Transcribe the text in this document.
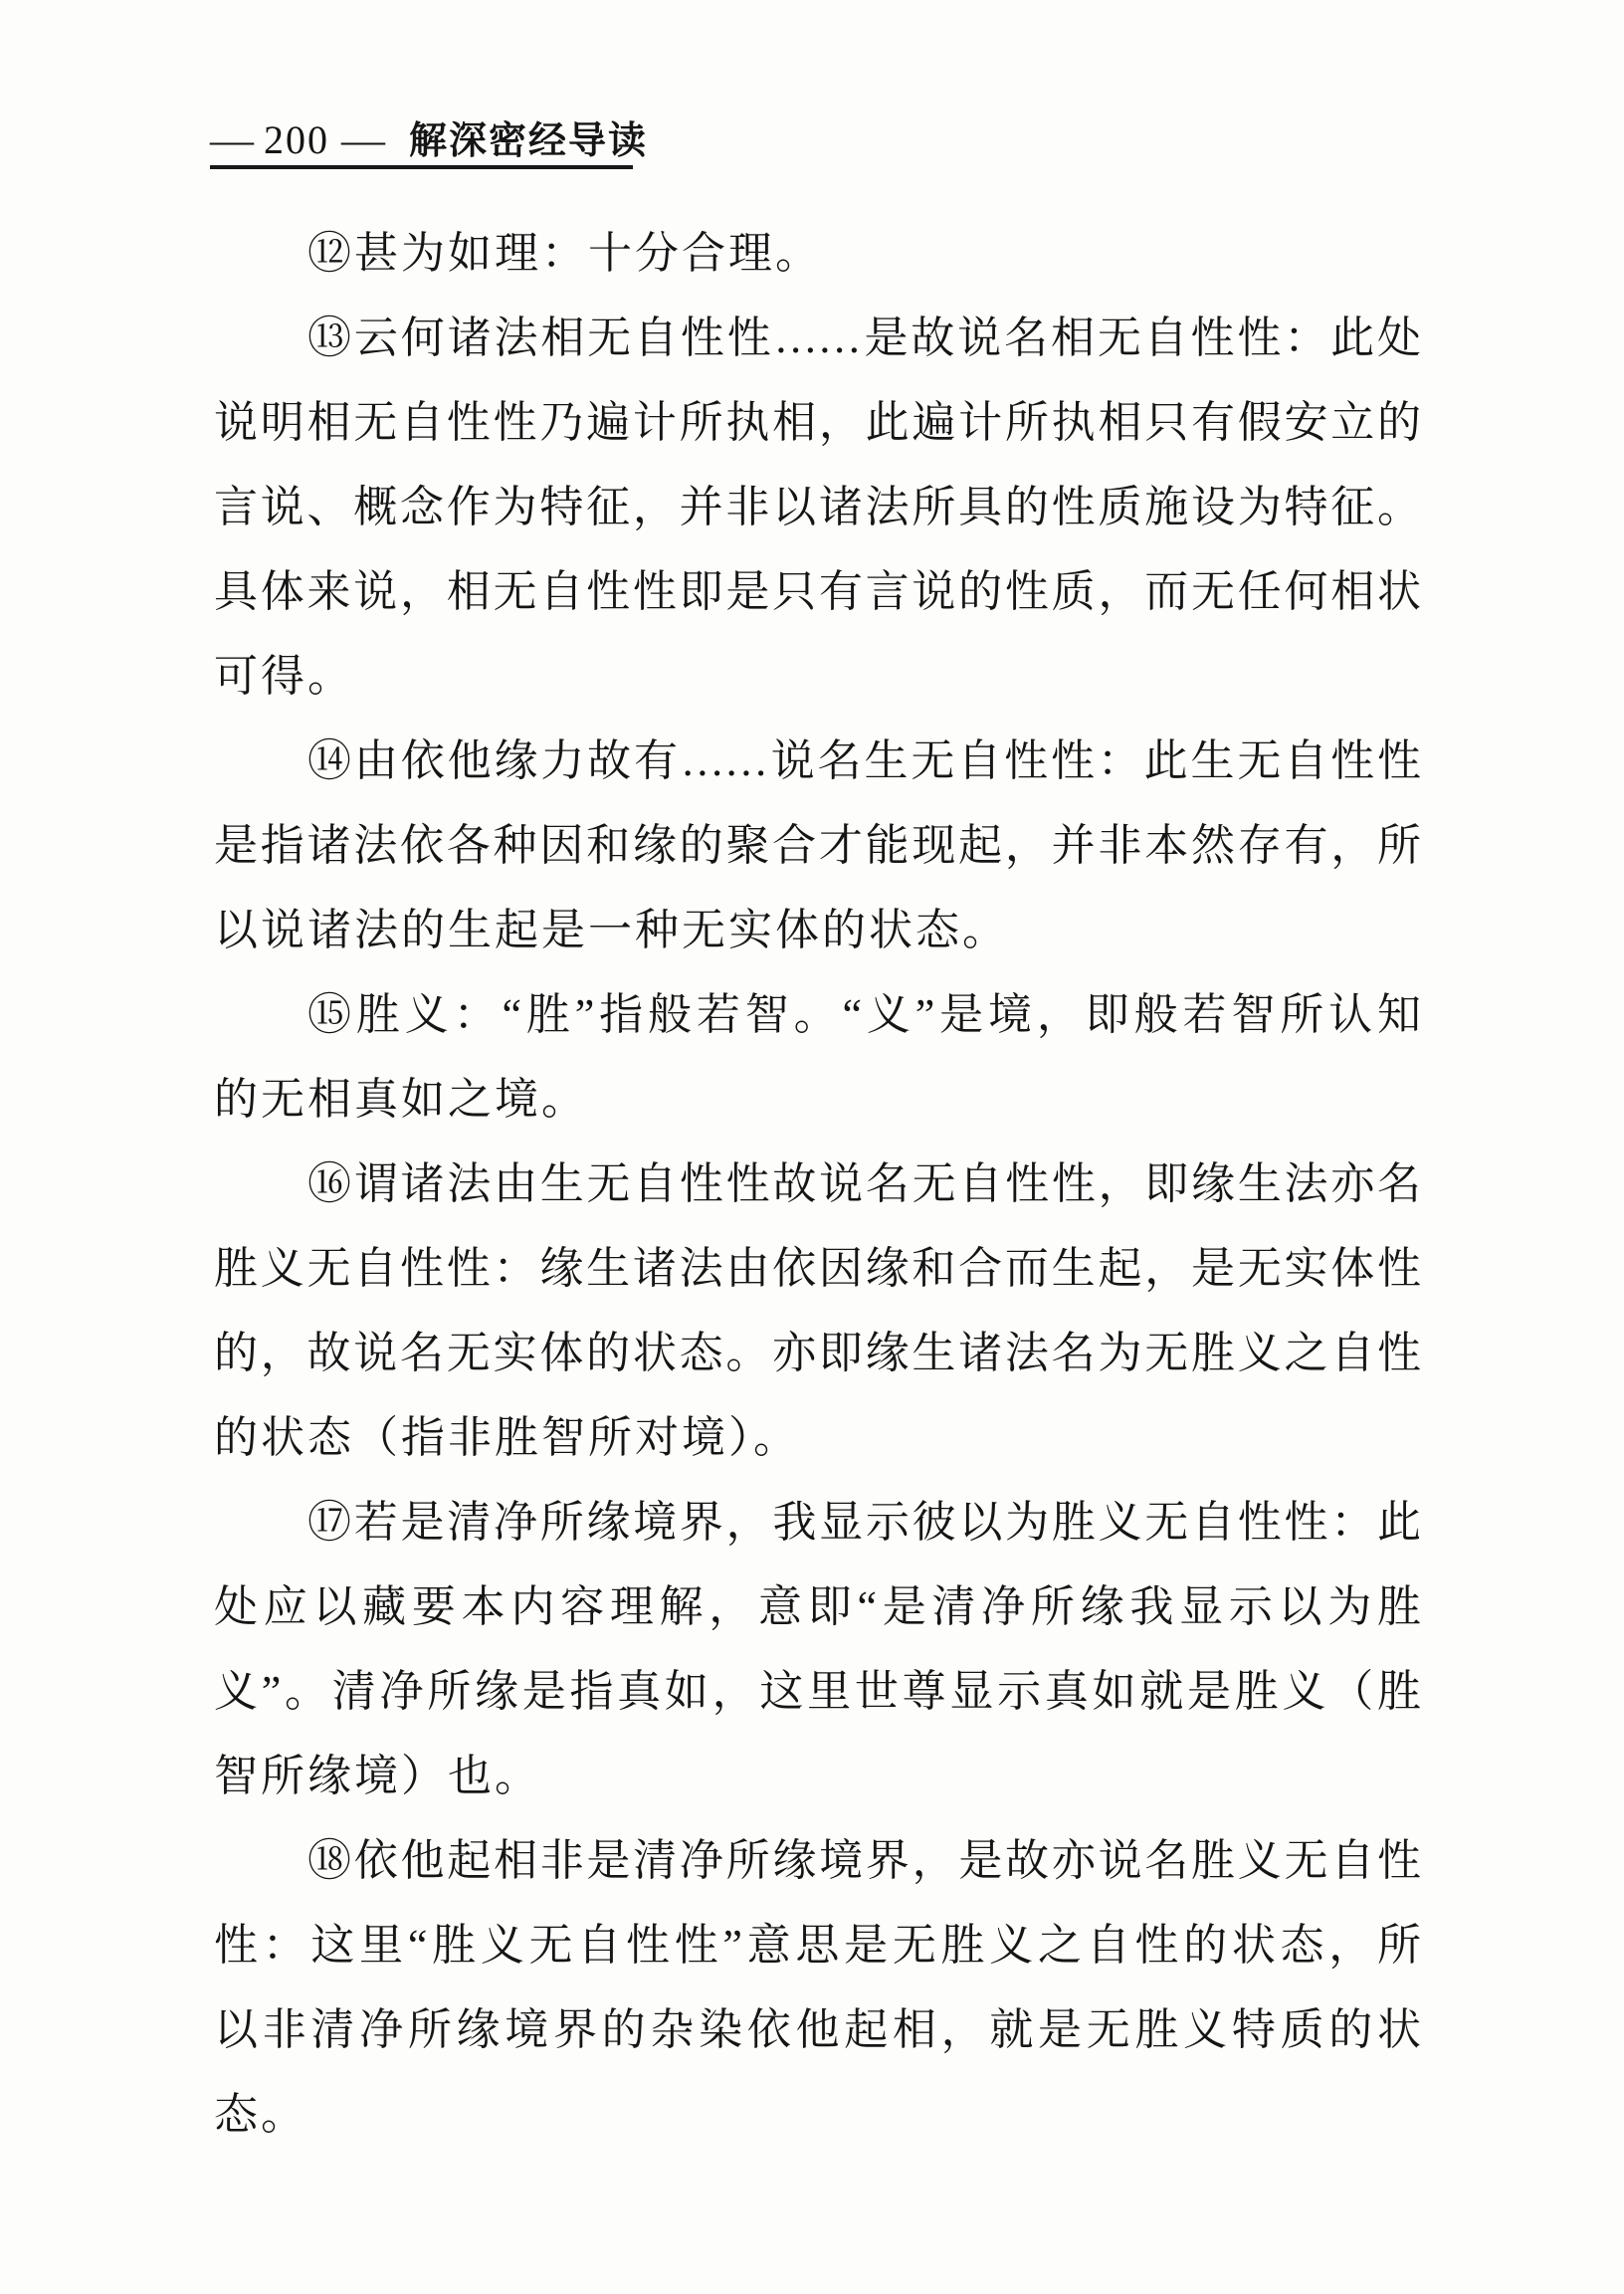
— 200 — 解深密经导读
⑫甚为如理：十分合理。
⑬云何诸法相无自性性……是故说名相无自性性：此处
说明相无自性性乃遍计所执相，此遍计所执相只有假安立的
言说、概念作为特征，并非以诸法所具的性质施设为特征。
具体来说，相无自性性即是只有言说的性质，而无任何相状
可得。
⑭由依他缘力故有……说名生无自性性：此生无自性性
是指诸法依各种因和缘的聚合才能现起，并非本然存有，所
以说诸法的生起是一种无实体的状态。
⑮胜义：“胜”指般若智。“义”是境，即般若智所认知
的无相真如之境。
⑯谓诸法由生无自性性故说名无自性性，即缘生法亦名
胜义无自性性：缘生诸法由依因缘和合而生起，是无实体性
的，故说名无实体的状态。亦即缘生诸法名为无胜义之自性
的状态（指非胜智所对境）。
⑰若是清净所缘境界，我显示彼以为胜义无自性性：此
处应以藏要本内容理解，意即“是清净所缘我显示以为胜
义”。清净所缘是指真如，这里世尊显示真如就是胜义（胜
智所缘境）也。
⑱依他起相非是清净所缘境界，是故亦说名胜义无自性
性：这里“胜义无自性性”意思是无胜义之自性的状态，所
以非清净所缘境界的杂染依他起相，就是无胜义特质的状
态。
